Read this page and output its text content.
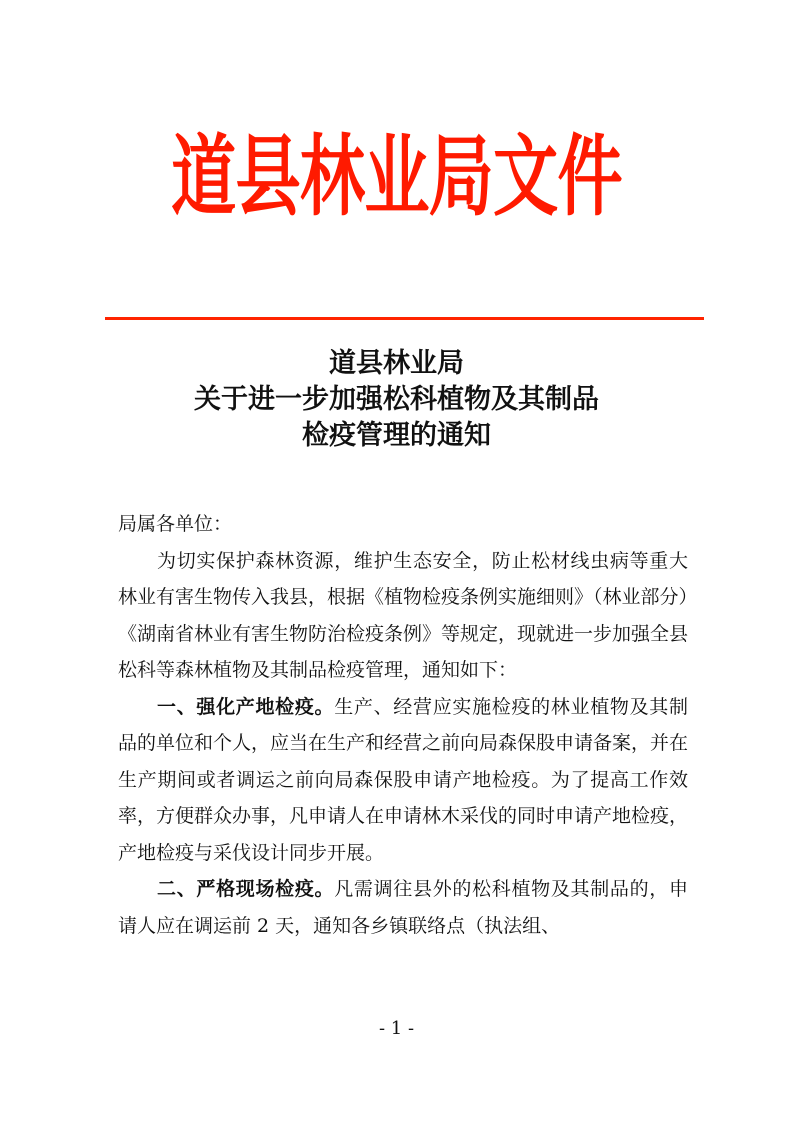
道县林业局文件
道县林业局
关于进一步加强松科植物及其制品
检疫管理的通知

局属各单位：

为切实保护森林资源，维护生态安全，防止松材线虫病等重大林业有害生物传入我县，根据《植物检疫条例实施细则》（林业部分）《湖南省林业有害生物防治检疫条例》等规定，现就进一步加强全县松科等森林植物及其制品检疫管理，通知如下：

一、强化产地检疫。生产、经营应实施检疫的林业植物及其制品的单位和个人，应当在生产和经营之前向局森保股申请备案，并在生产期间或者调运之前向局森保股申请产地检疫。为了提高工作效率，方便群众办事，凡申请人在申请林木采伐的同时申请产地检疫，产地检疫与采伐设计同步开展。

二、严格现场检疫。凡需调往县外的松科植物及其制品的，申请人应在调运前 2 天，通知各乡镇联络点（执法组、

- 1 -
